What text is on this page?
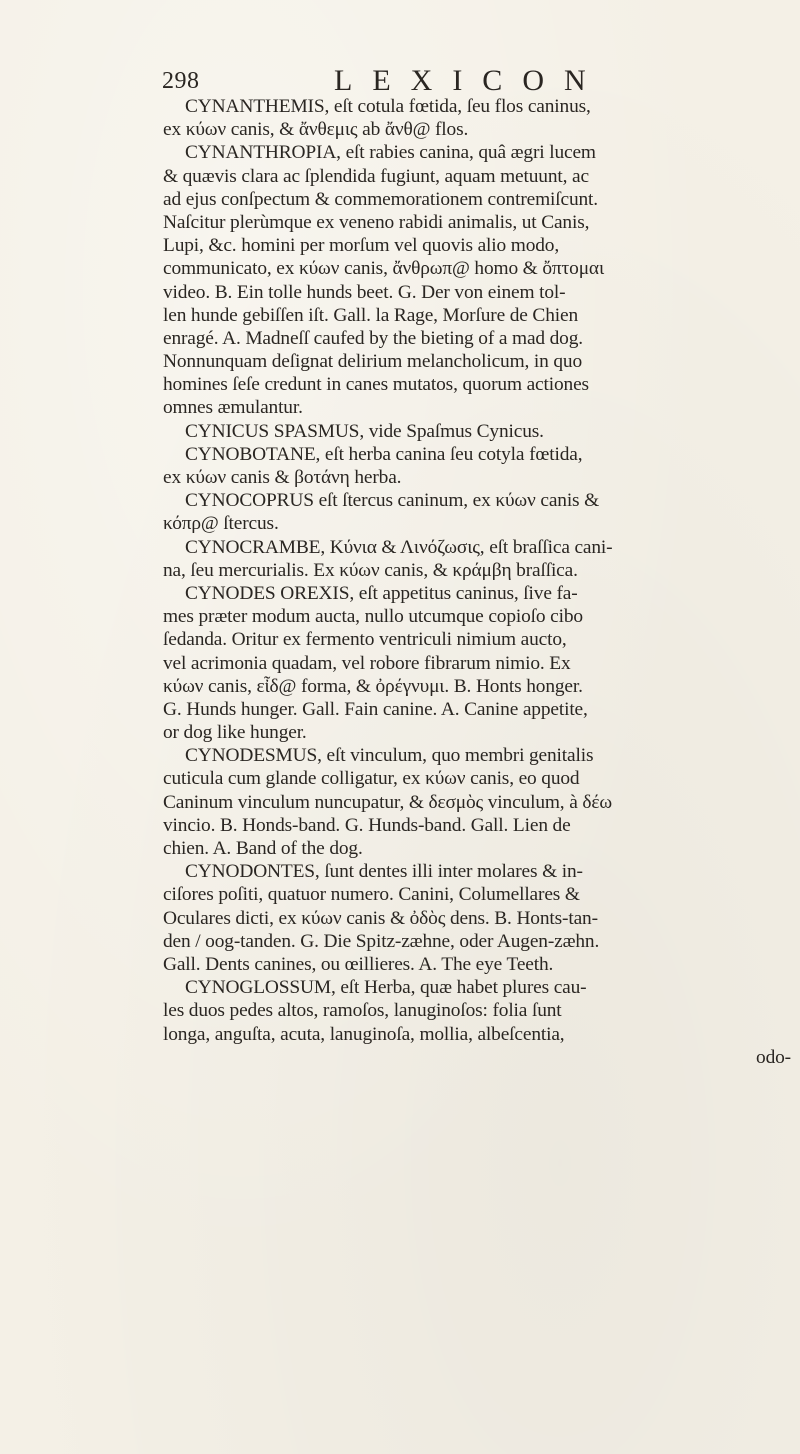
298	LEXICON
CYNANTHEMIS, eſt cotula fœtida, ſeu flos caninus,
ex κύων canis, & ἄνθεμις ab ἄνθ@ flos.
CYNANTHROPIA, eſt rabies canina, quâ ægri lucem
& quævis clara ac ſplendida fugiunt, aquam metuunt, ac
ad ejus conſpectum & commemorationem contremiſcunt.
Naſcitur plerùmque ex veneno rabidi animalis, ut Canis,
Lupi, &c. homini per morſum vel quovis alio modo,
communicato, ex κύων canis, ἄνθρωπ@ homo & ὄπτομαι
video. B. Ein tolle hunds beet. G. Der von einem tol-
len hunde gebiſſen iſt. Gall. la Rage, Morſure de Chien
enragé. A. Madneſſ caufed by the bieting of a mad dog.
Nonnunquam deſignat delirium melancholicum, in quo
homines ſeſe credunt in canes mutatos, quorum actiones
omnes æmulantur.
CYNICUS SPASMUS, vide Spaſmus Cynicus.
CYNOBOTANE, eſt herba canina ſeu cotyla fœtida,
ex κύων canis & βοτάνη herba.
CYNOCOPRUS eſt ſtercus caninum, ex κύων canis &
κόπρ@ ſtercus.
CYNOCRAMBE, Κύνια & Λινόζωσις, eſt braſſica cani-
na, ſeu mercurialis. Ex κύων canis, & κράμβη braſſica.
CYNODES OREXIS, eſt appetitus caninus, ſive fa-
mes præter modum aucta, nullo utcumque copioſo cibo
ſedanda. Oritur ex fermento ventriculi nimium aucto,
vel acrimonia quadam, vel robore fibrarum nimio. Ex
κύων canis, εἶδ@ forma, & ὀρέγνυμι. B. Honts honger.
G. Hunds hunger. Gall. Fain canine. A. Canine appetite,
or dog like hunger.
CYNODESMUS, eſt vinculum, quo membri genitalis
cuticula cum glande colligatur, ex κύων canis, eo quod
Caninum vinculum nuncupatur, & δεσμὸς vinculum, à δέω
vincio. B. Honds-band. G. Hunds-band. Gall. Lien de
chien. A. Band of the dog.
CYNODONTES, ſunt dentes illi inter molares & in-
ciſores poſiti, quatuor numero. Canini, Columellares &
Oculares dicti, ex κύων canis & ὀδὸς dens. B. Honts-tan-
den / oog-tanden. G. Die Spitz-zæhne, oder Augen-zæhn.
Gall. Dents canines, ou œillieres. A. The eye Teeth.
CYNOGLOSSUM, eſt Herba, quæ habet plures cau-
les duos pedes altos, ramoſos, lanuginoſos: folia ſunt
longa, anguſta, acuta, lanuginoſa, mollia, albeſcentia,
odo-
